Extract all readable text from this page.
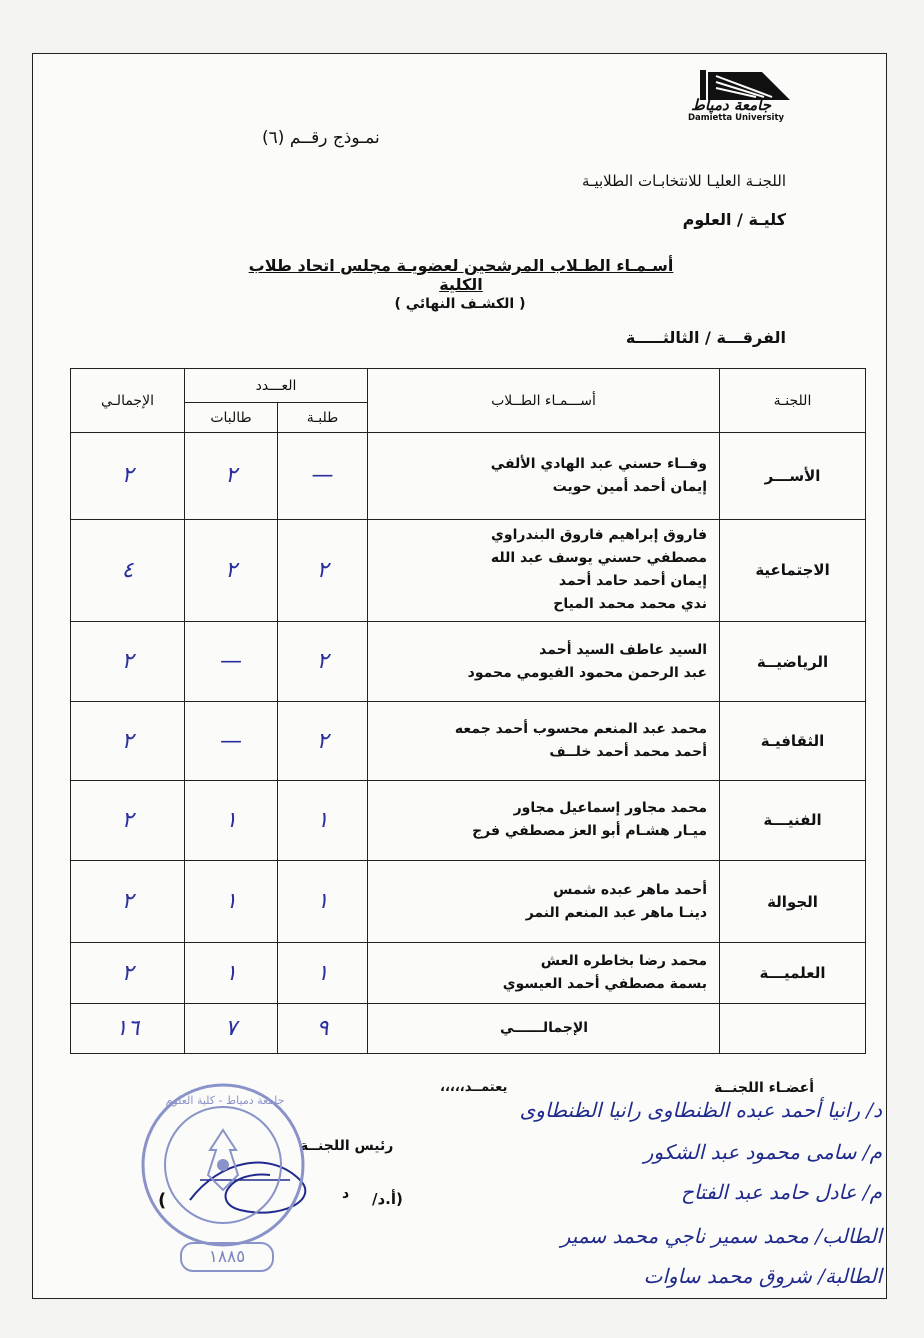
جامعة دمياط
Damietta University
نمـوذج رقــم (٦)
اللجنـة العليـا للانتخابـات الطلابيـة
كليـة / العلوم
أسـمـاء الطـلاب المرشحين لعضويـة مجلس اتحاد طلاب الكلية
( الكشـف النهائي )
الفرقـــة / الثالثـــــة
اللجنـة	أســـمـاء الطــلاب	العـــدد		الإجمالـي
		طلبـة	طالبات	
الأســـر	وفــاء حسني عبد الهادي الألفي
إيمان أحمد أمين حويت	—	٢	٢
الاجتماعية	فاروق إبراهيم فاروق البندراوي
مصطفي حسني يوسف عبد الله
إيمان أحمد حامد أحمد
ندي محمد محمد المياح	٢	٢	٤
الرياضيــة	السيد عاطف السيد أحمد
عبد الرحمن محمود الفيومي محمود	٢	—	٢
الثقافيـة	محمد عبد المنعم محسوب أحمد جمعه
أحمد محمد أحمد خلــف	٢	—	٢
الفنيـــة	محمد مجاور إسماعيل مجاور
ميـار هشـام أبو العز مصطفي فرج	١	١	٢
الجوالة	أحمد ماهر عبده شمس
دينـا ماهر عبد المنعم النمر	١	١	٢
العلميـــة	محمد رضا بخاطره العش
بسمة مصطفي أحمد العيسوي	١	١	٢
	الإجمالــــــي	٩	٧	١٦
أعضـاء اللجنــة
يعتمــد،،،،،
رئيس اللجنــة
(	د (أ.د/
د/ رانيا أحمد عبده الظنطاوى رانيا الظنطاوى
م/ سامى محمود عبد الشكور
م/ عادل حامد عبد الفتاح
الطالب/ محمد سمير ناجي محمد سمير
الطالبة/ شروق محمد ساوات
جامعة دمياط - كلية العلوم
١٨٨٥
